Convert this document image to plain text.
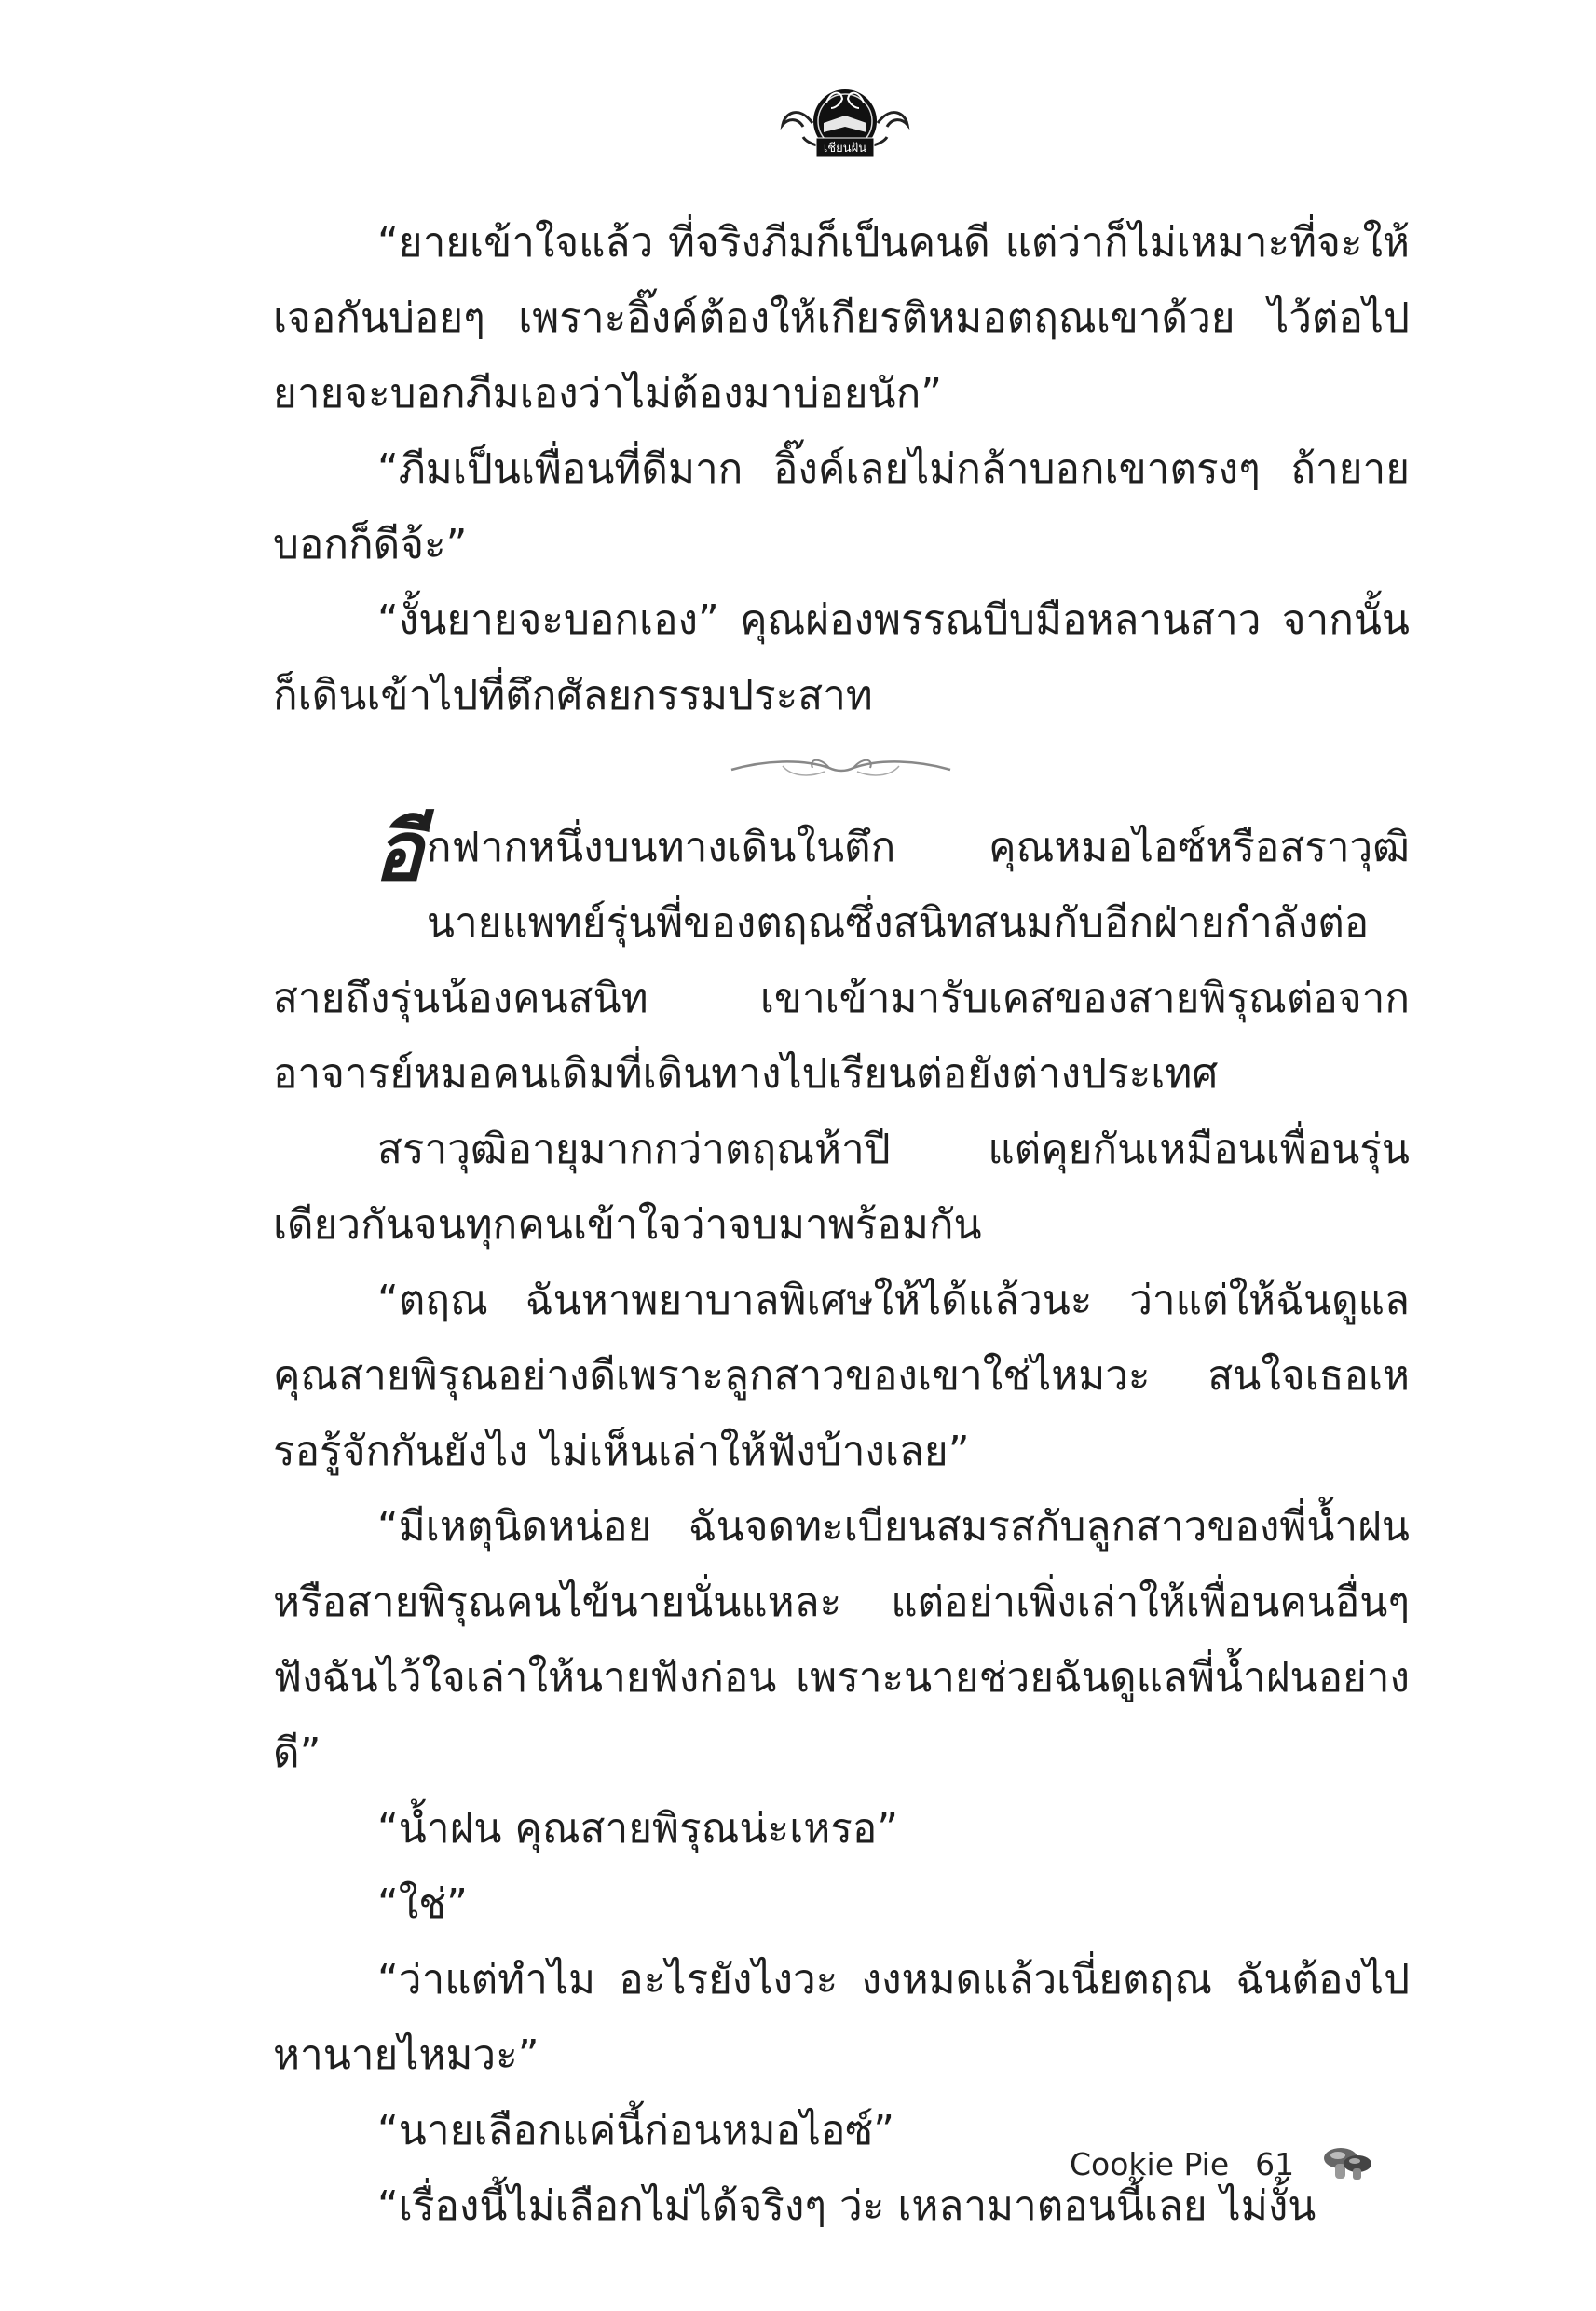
เชียนฝัน

“ยายเข้าใจแล้ว ที่จริงภีมก็เป็นคนดี แต่ว่าก็ไม่เหมาะที่จะให้เจอกันบ่อยๆ เพราะอิ๊งค์ต้องให้เกียรติหมอตฤณเขาด้วย ไว้ต่อไปยายจะบอกภีมเองว่าไม่ต้องมาบ่อยนัก”

“ภีมเป็นเพื่อนที่ดีมาก อิ๊งค์เลยไม่กล้าบอกเขาตรงๆ ถ้ายายบอกก็ดีจ้ะ”

“งั้นยายจะบอกเอง” คุณผ่องพรรณบีบมือหลานสาว จากนั้นก็เดินเข้าไปที่ตึกศัลยกรรมประสาท

อีกฟากหนึ่งบนทางเดินในตึก คุณหมอไอซ์หรือสราวุฒิ นายแพทย์รุ่นพี่ของตฤณซึ่งสนิทสนมกับอีกฝ่ายกำลังต่อสายถึงรุ่นน้องคนสนิท เขาเข้ามารับเคสของสายพิรุณต่อจากอาจารย์หมอคนเดิมที่เดินทางไปเรียนต่อยังต่างประเทศ

สราวุฒิอายุมากกว่าตฤณห้าปี แต่คุยกันเหมือนเพื่อนรุ่นเดียวกันจนทุกคนเข้าใจว่าจบมาพร้อมกัน

“ตฤณ ฉันหาพยาบาลพิเศษให้ได้แล้วนะ ว่าแต่ให้ฉันดูแลคุณสายพิรุณอย่างดีเพราะลูกสาวของเขาใช่ไหมวะ สนใจเธอเหรอรู้จักกันยังไง ไม่เห็นเล่าให้ฟังบ้างเลย”

“มีเหตุนิดหน่อย ฉันจดทะเบียนสมรสกับลูกสาวของพี่น้ำฝนหรือสายพิรุณคนไข้นายนั่นแหละ แต่อย่าเพิ่งเล่าให้เพื่อนคนอื่นๆ ฟังฉันไว้ใจเล่าให้นายฟังก่อน เพราะนายช่วยฉันดูแลพี่น้ำฝนอย่างดี”

“น้ำฝน คุณสายพิรุณน่ะเหรอ”

“ใช่”

“ว่าแต่ทำไม อะไรยังไงวะ งงหมดแล้วเนี่ยตฤณ ฉันต้องไปหานายไหมวะ”

“นายเลือกแค่นี้ก่อนหมอไอซ์”

“เรื่องนี้ไม่เลือกไม่ได้จริงๆ ว่ะ เหลามาตอนนี้เลย ไม่งั้น

Cookie Pie 61
